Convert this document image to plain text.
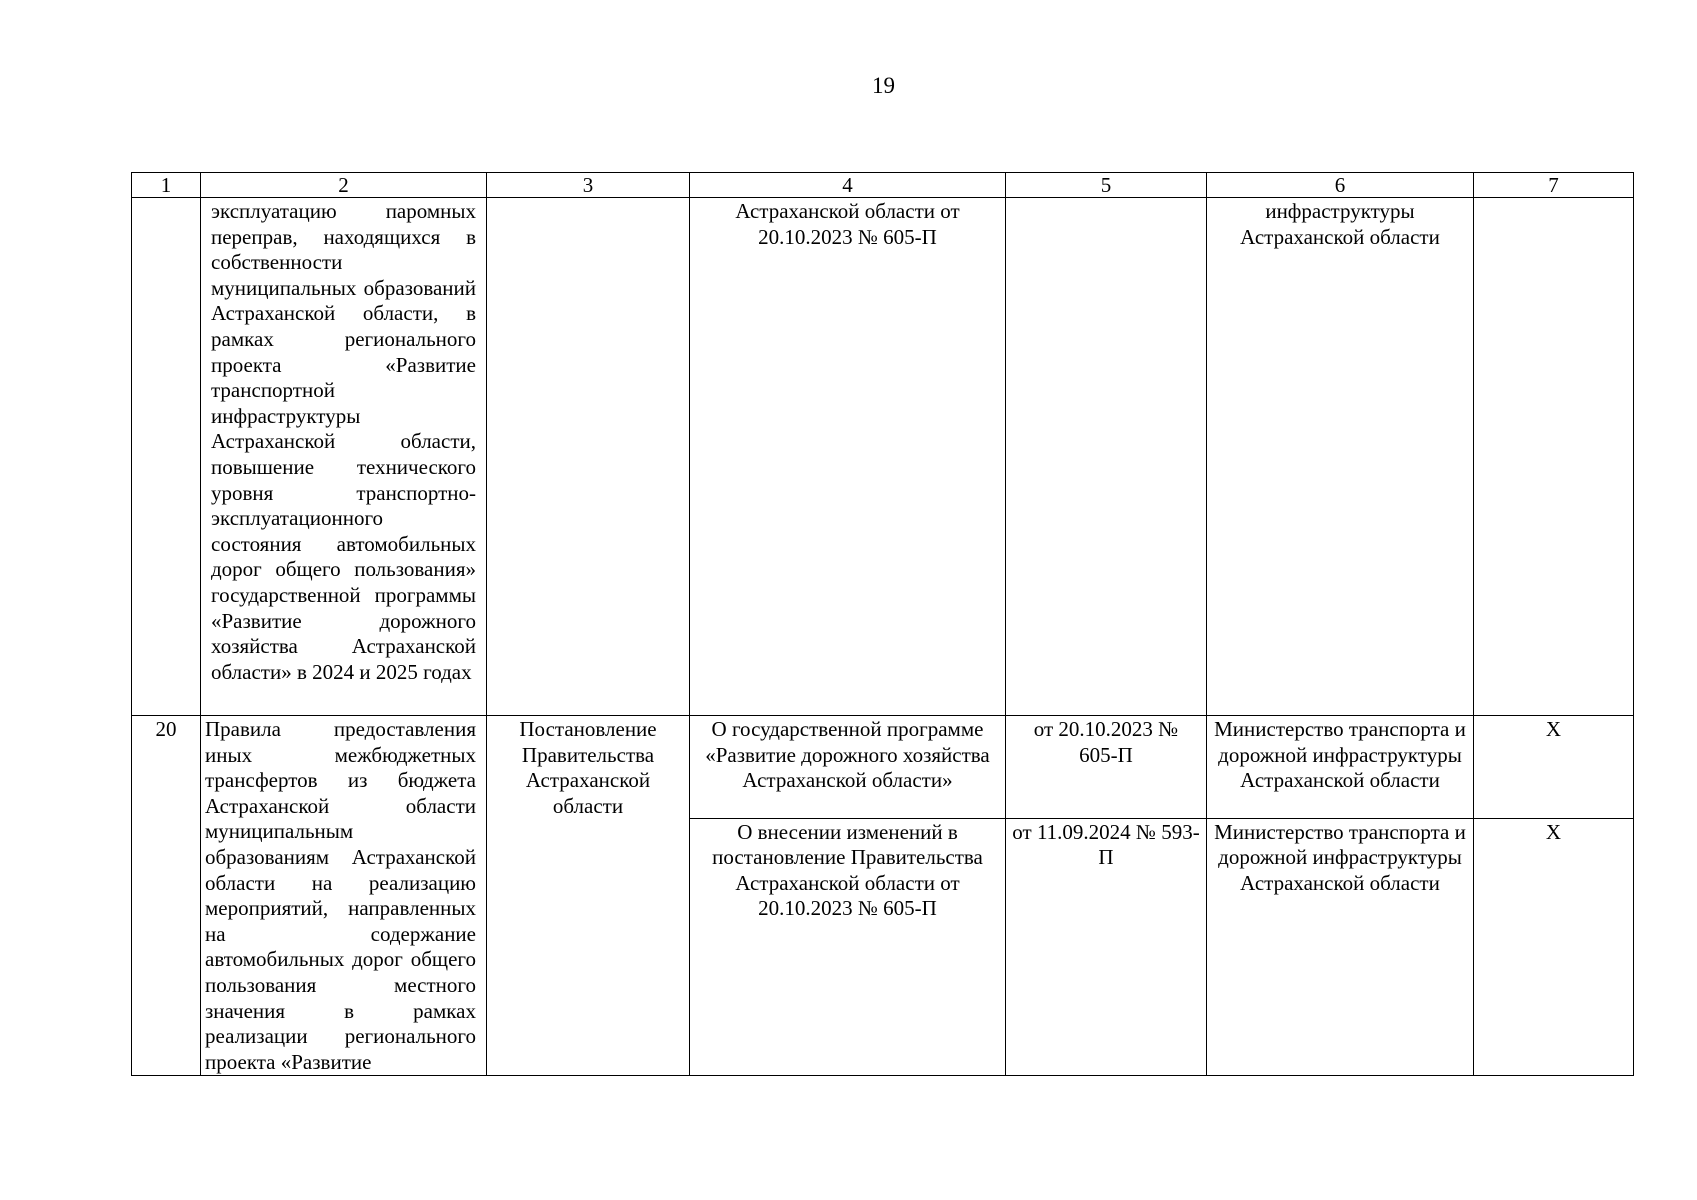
19
1	2	3	4	5	6	7
	эксплуатацию паромных переправ, находящихся в собственности муниципальных образований Астраханской области, в рамках регионального проекта «Развитие транспортной инфраструктуры Астраханской области, повышение технического уровня транспортно-эксплуатационного состояния автомобильных дорог общего пользования» государственной программы «Развитие дорожного хозяйства Астраханской области» в 2024 и 2025 годах		Астраханской области от 20.10.2023 № 605-П		инфраструктуры Астраханской области	
20	Правила предоставления иных межбюджетных трансфертов из бюджета Астраханской области муниципальным образованиям Астраханской области на реализацию мероприятий, направленных на содержание автомобильных дорог общего пользования местного значения в рамках реализации регионального проекта «Развитие	Постановление Правительства Астраханской области	О государственной программе «Развитие дорожного хозяйства Астраханской области»	от 20.10.2023 № 605-П	Министерство транспорта и дорожной инфраструктуры Астраханской области	X
			О внесении изменений в постановление Правительства Астраханской области от 20.10.2023 № 605-П	от 11.09.2024 № 593-П	Министерство транспорта и дорожной инфраструктуры Астраханской области	X
